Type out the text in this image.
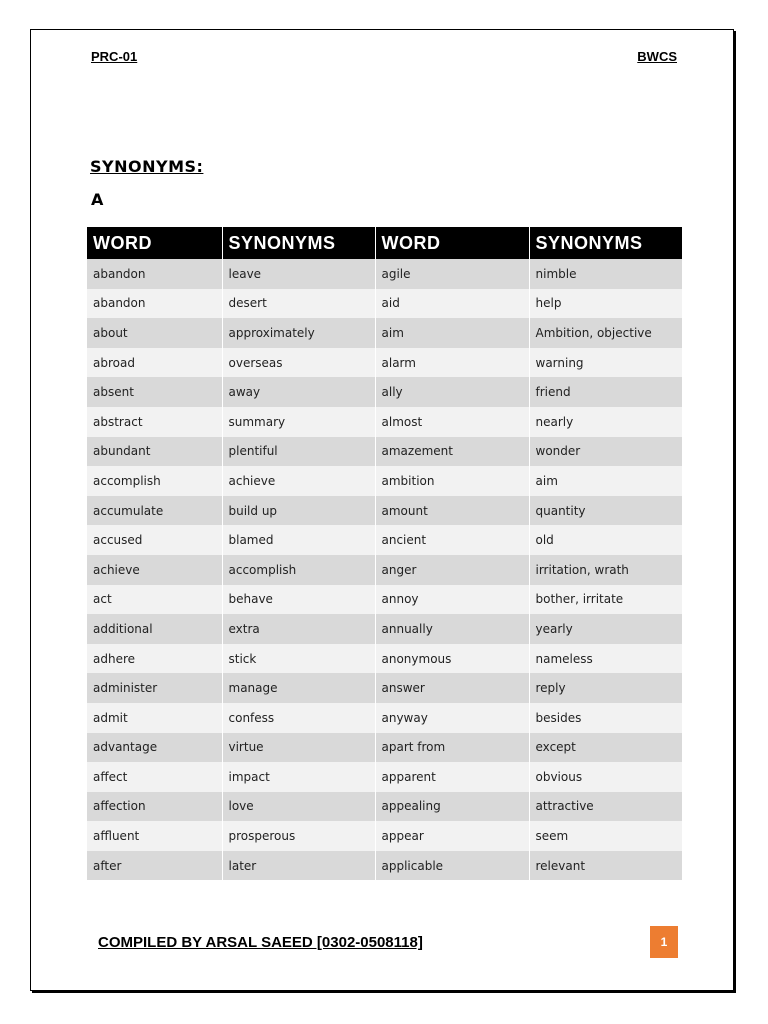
PRC-01	BWCS
SYNONYMS:
A
WORD	SYNONYMS	WORD	SYNONYMS
abandon	leave	agile	nimble
abandon	desert	aid	help
about	approximately	aim	Ambition, objective
abroad	overseas	alarm	warning
absent	away	ally	friend
abstract	summary	almost	nearly
abundant	plentiful	amazement	wonder
accomplish	achieve	ambition	aim
accumulate	build up	amount	quantity
accused	blamed	ancient	old
achieve	accomplish	anger	irritation, wrath
act	behave	annoy	bother, irritate
additional	extra	annually	yearly
adhere	stick	anonymous	nameless
administer	manage	answer	reply
admit	confess	anyway	besides
advantage	virtue	apart from	except
affect	impact	apparent	obvious
affection	love	appealing	attractive
affluent	prosperous	appear	seem
after	later	applicable	relevant
COMPILED BY ARSAL SAEED [0302-0508118]	1
